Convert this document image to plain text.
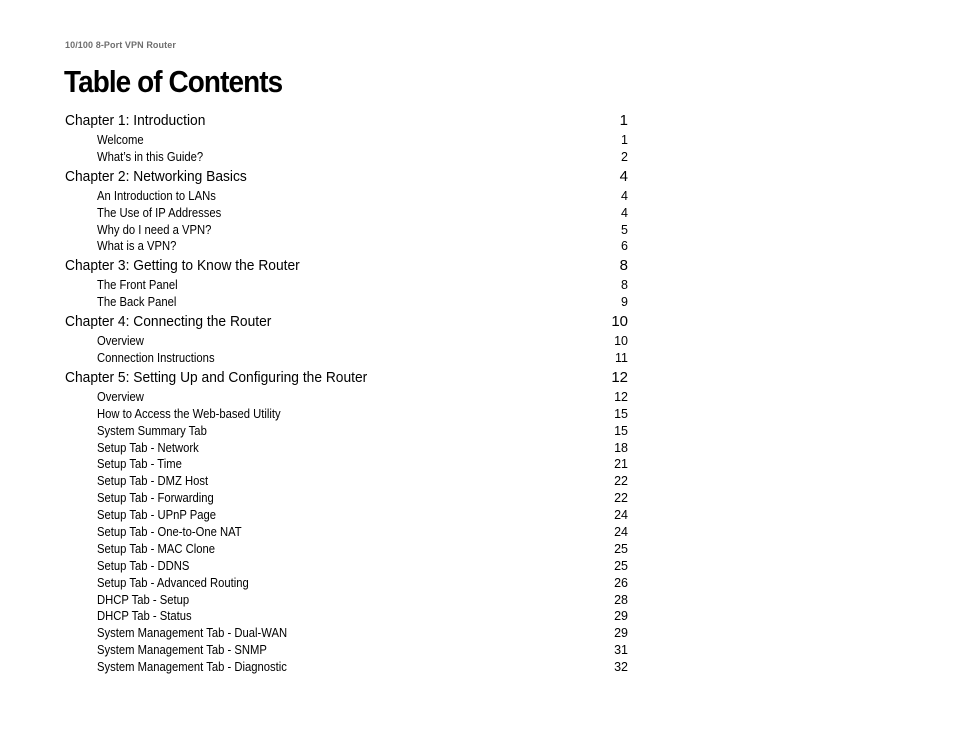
10/100 8-Port VPN Router
Table of Contents
Chapter 1: Introduction	1
Welcome	1
What’s in this Guide?	2
Chapter 2: Networking Basics	4
An Introduction to LANs	4
The Use of IP Addresses	4
Why do I need a VPN?	5
What is a VPN?	6
Chapter 3: Getting to Know the Router	8
The Front Panel	8
The Back Panel	9
Chapter 4: Connecting the Router	10
Overview	10
Connection Instructions	11
Chapter 5: Setting Up and Configuring the Router	12
Overview	12
How to Access the Web-based Utility	15
System Summary Tab	15
Setup Tab - Network	18
Setup Tab - Time	21
Setup Tab - DMZ Host	22
Setup Tab - Forwarding	22
Setup Tab - UPnP Page	24
Setup Tab - One-to-One NAT	24
Setup Tab - MAC Clone	25
Setup Tab - DDNS	25
Setup Tab - Advanced Routing	26
DHCP Tab - Setup	28
DHCP Tab - Status	29
System Management Tab - Dual-WAN	29
System Management Tab - SNMP	31
System Management Tab - Diagnostic	32
